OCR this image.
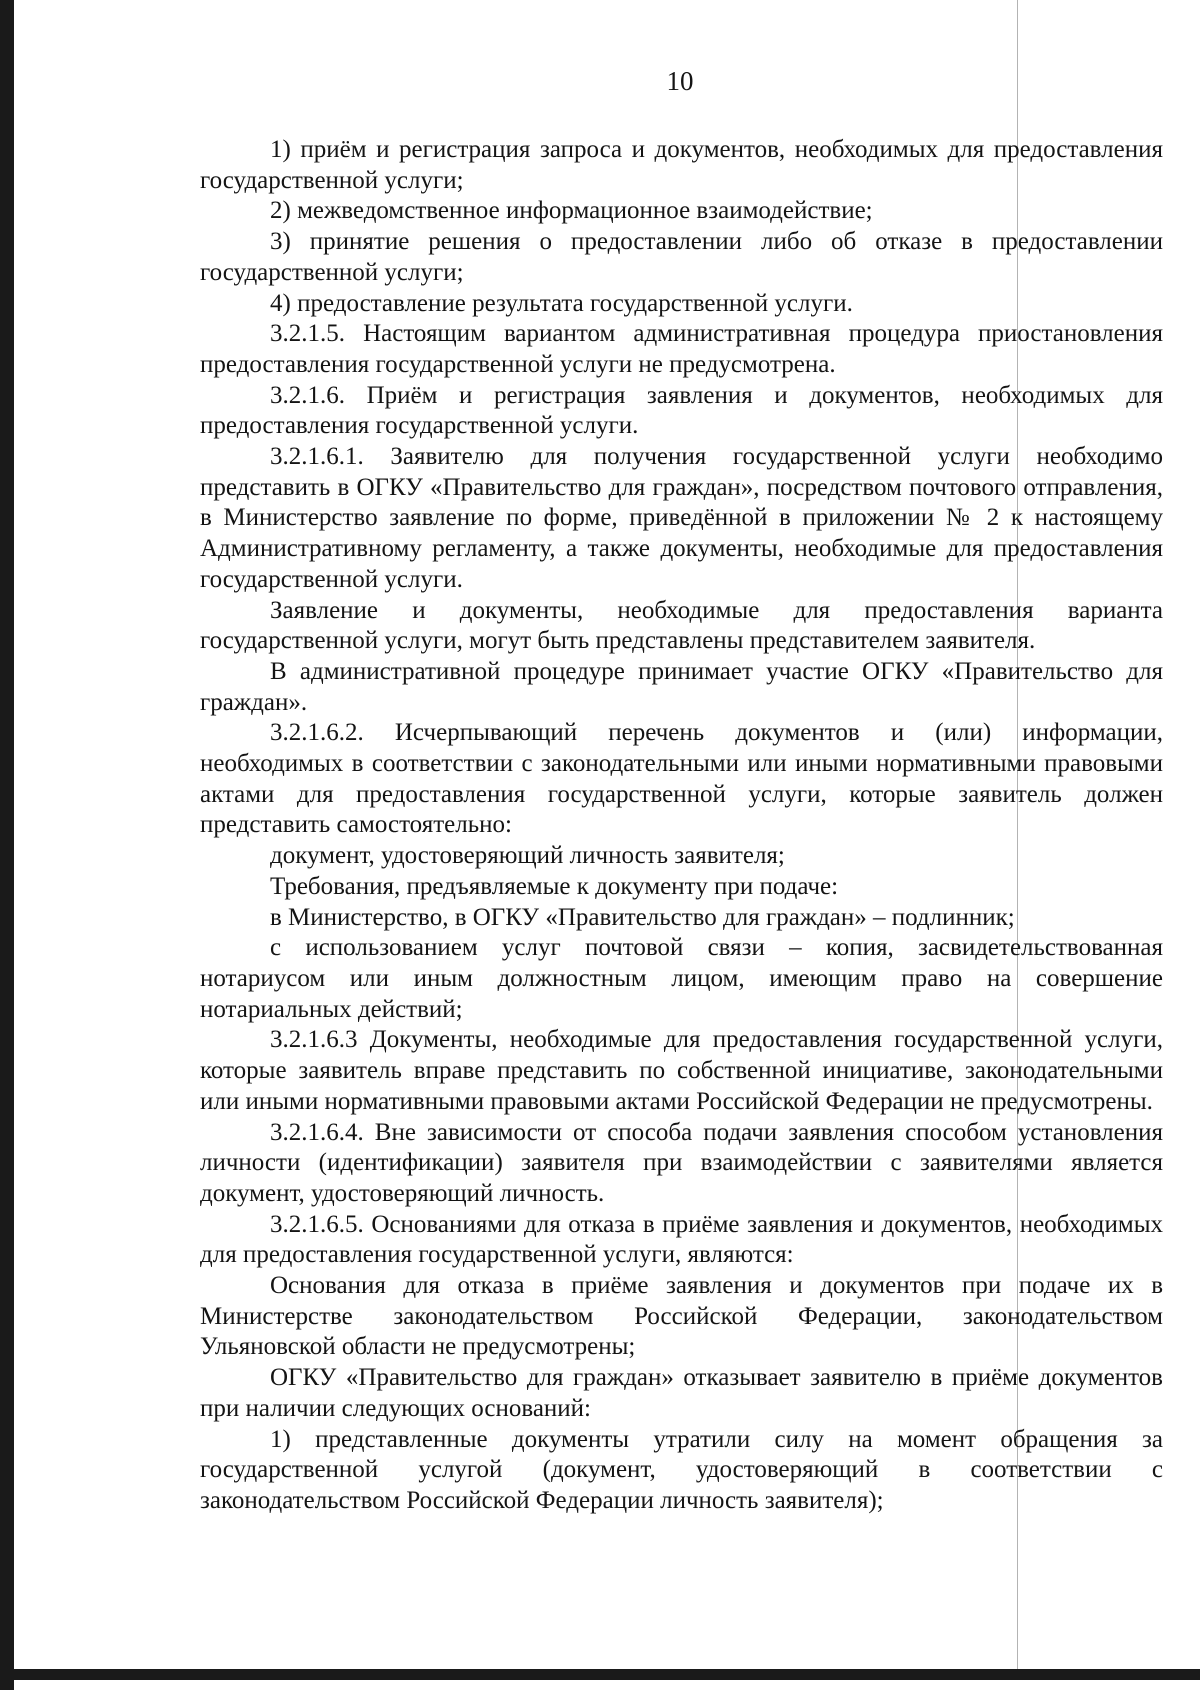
10

1) приём и регистрация запроса и документов, необходимых для предоставления государственной услуги;

2) межведомственное информационное взаимодействие;

3) принятие решения о предоставлении либо об отказе в предоставлении государственной услуги;

4) предоставление результата государственной услуги.

3.2.1.5. Настоящим вариантом административная процедура приостановления предоставления государственной услуги не предусмотрена.

3.2.1.6. Приём и регистрация заявления и документов, необходимых для предоставления государственной услуги.

3.2.1.6.1. Заявителю для получения государственной услуги необходимо представить в ОГКУ «Правительство для граждан», посредством почтового отправления, в Министерство заявление по форме, приведённой в приложении № 2 к настоящему Административному регламенту, а также документы, необходимые для предоставления государственной услуги.

Заявление и документы, необходимые для предоставления варианта государственной услуги, могут быть представлены представителем заявителя.

В административной процедуре принимает участие ОГКУ «Правительство для граждан».

3.2.1.6.2. Исчерпывающий перечень документов и (или) информации, необходимых в соответствии с законодательными или иными нормативными правовыми актами для предоставления государственной услуги, которые заявитель должен представить самостоятельно:

документ, удостоверяющий личность заявителя;

Требования, предъявляемые к документу при подаче:

в Министерство, в ОГКУ «Правительство для граждан» – подлинник;

с использованием услуг почтовой связи – копия, засвидетельствованная нотариусом или иным должностным лицом, имеющим право на совершение нотариальных действий;

3.2.1.6.3 Документы, необходимые для предоставления государственной услуги, которые заявитель вправе представить по собственной инициативе, законодательными или иными нормативными правовыми актами Российской Федерации не предусмотрены.

3.2.1.6.4. Вне зависимости от способа подачи заявления способом установления личности (идентификации) заявителя при взаимодействии с заявителями является документ, удостоверяющий личность.

3.2.1.6.5. Основаниями для отказа в приёме заявления и документов, необходимых для предоставления государственной услуги, являются:

Основания для отказа в приёме заявления и документов при подаче их в Министерстве законодательством Российской Федерации, законодательством Ульяновской области не предусмотрены;

ОГКУ «Правительство для граждан» отказывает заявителю в приёме документов при наличии следующих оснований:

1) представленные документы утратили силу на момент обращения за государственной услугой (документ, удостоверяющий в соответствии с законодательством Российской Федерации личность заявителя);
